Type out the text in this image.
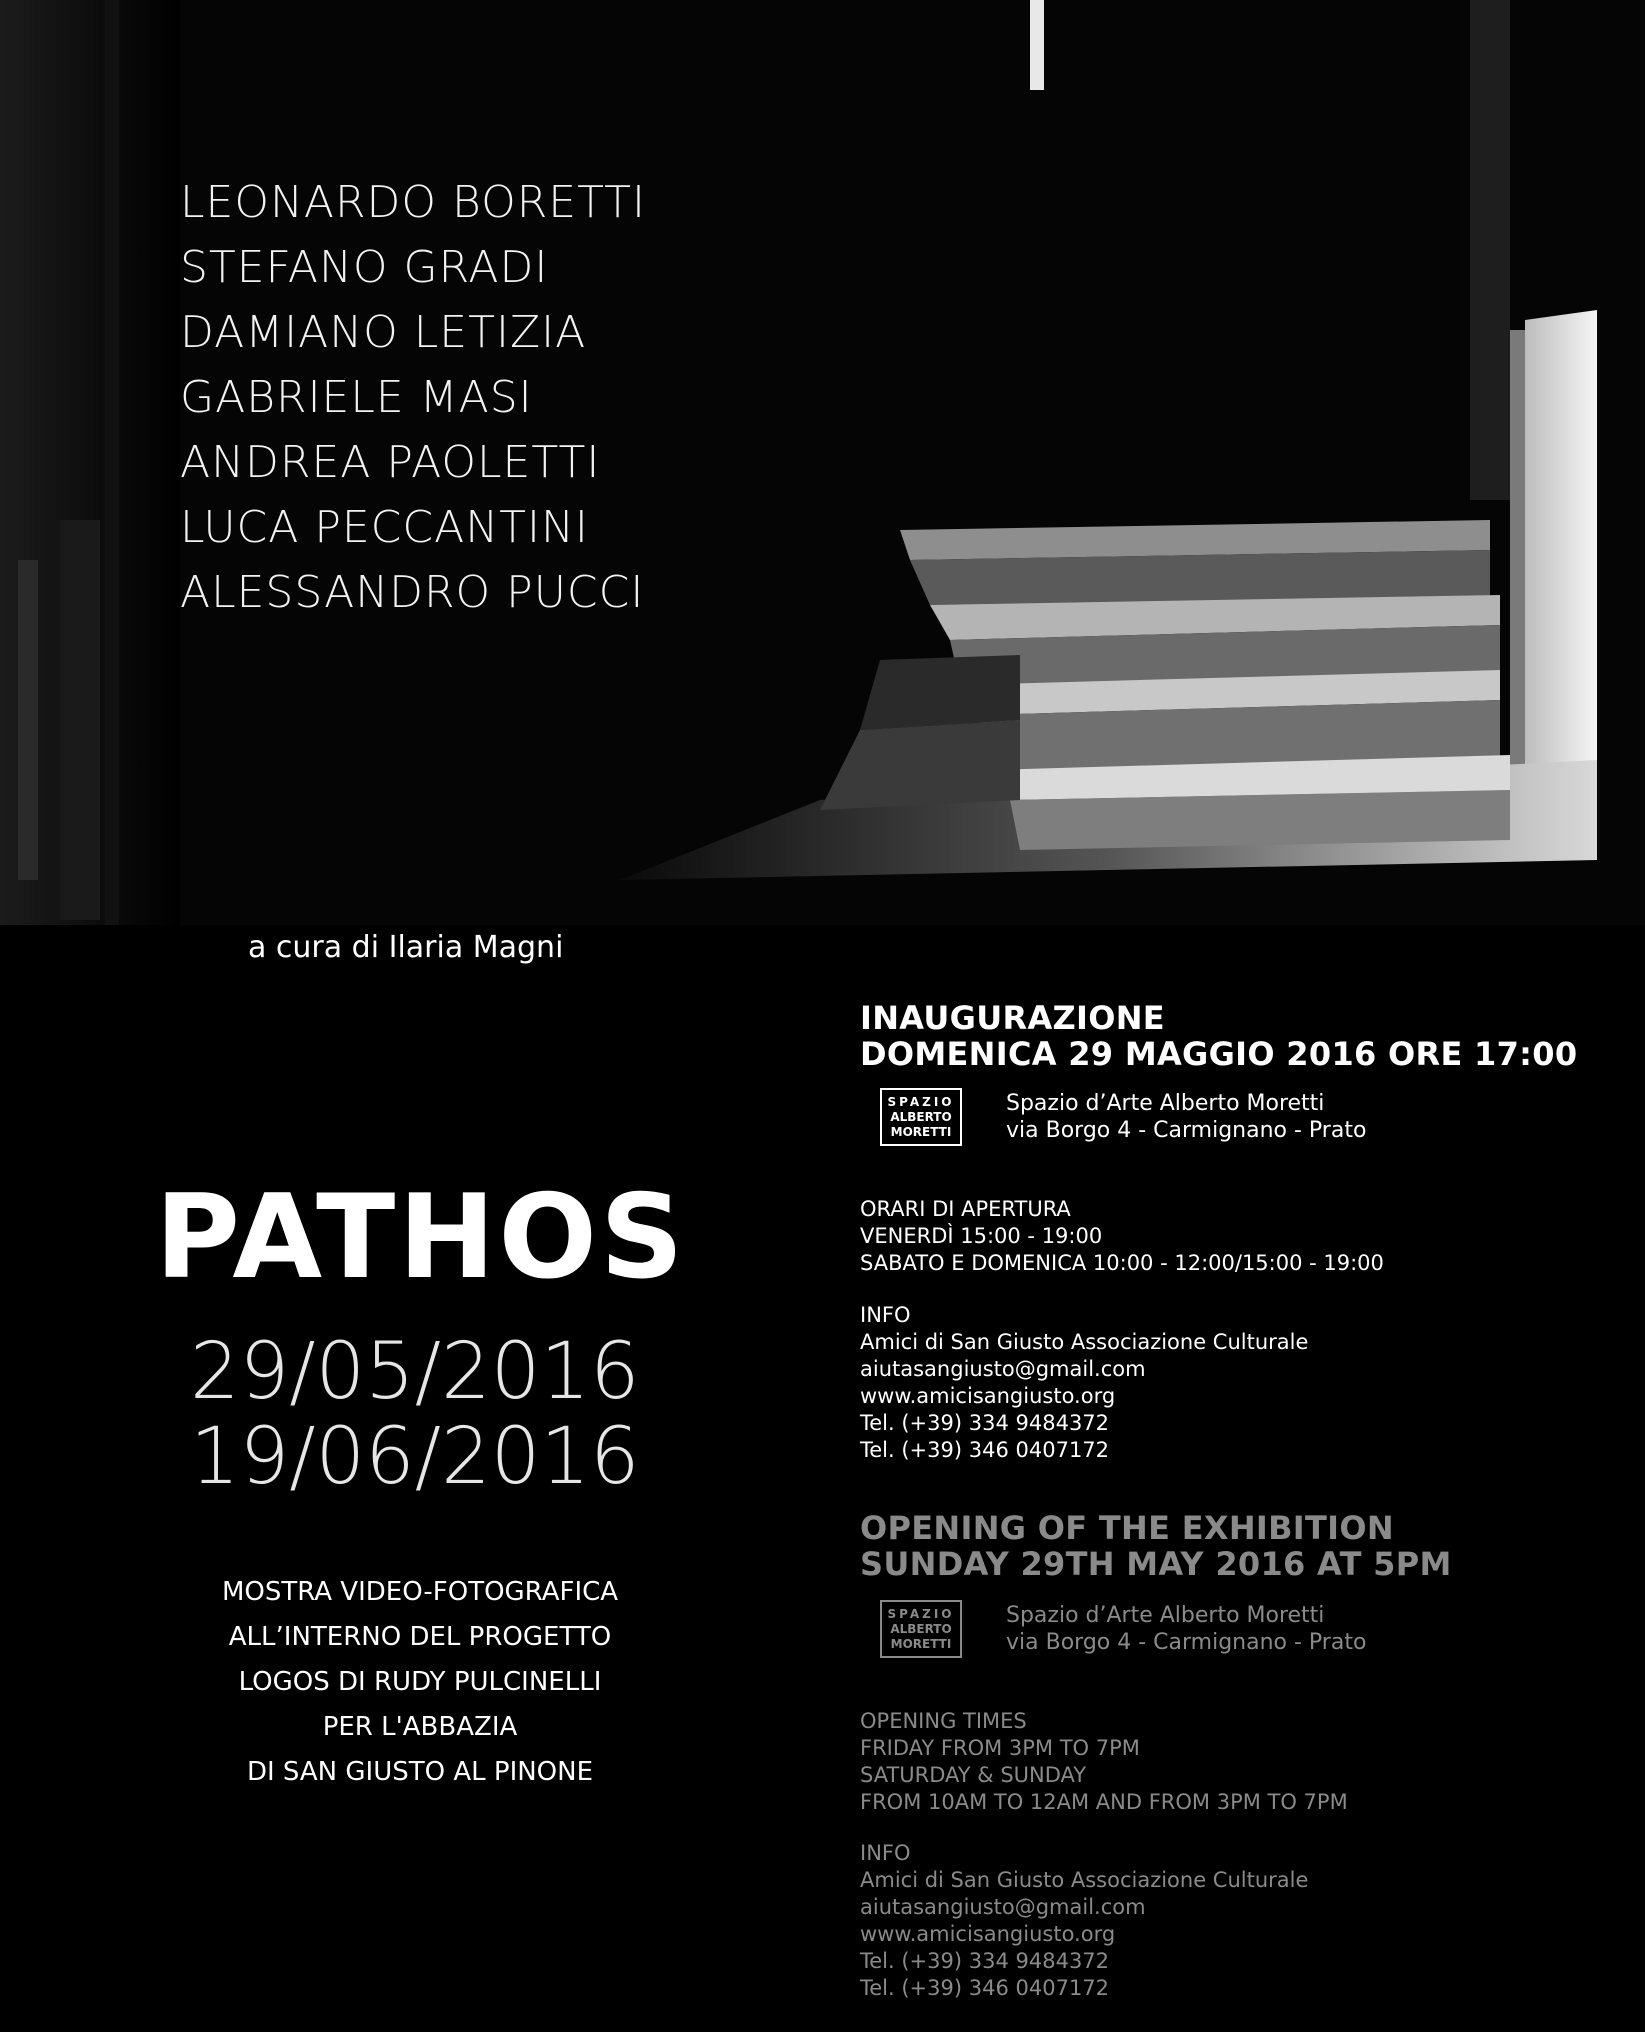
LEONARDO BORETTI
STEFANO GRADI
DAMIANO LETIZIA
GABRIELE MASI
ANDREA PAOLETTI
LUCA PECCANTINI
ALESSANDRO PUCCI
a cura di Ilaria Magni
PATHOS
29/05/2016
19/06/2016
MOSTRA VIDEO-FOTOGRAFICA
ALL’INTERNO DEL PROGETTO
LOGOS DI RUDY PULCINELLI
PER L'ABBAZIA
DI SAN GIUSTO AL PINONE
INAUGURAZIONE
DOMENICA 29 MAGGIO 2016 ORE 17:00
SPAZIO
ALBERTO
MORETTI
Spazio d’Arte Alberto Moretti
via Borgo 4 - Carmignano - Prato
ORARI DI APERTURA
VENERDÌ 15:00 - 19:00
SABATO E DOMENICA 10:00 - 12:00/15:00 - 19:00
INFO
Amici di San Giusto Associazione Culturale
aiutasangiusto@gmail.com
www.amicisangiusto.org
Tel. (+39) 334 9484372
Tel. (+39) 346 0407172
OPENING OF THE EXHIBITION
SUNDAY 29TH MAY 2016 AT 5PM
SPAZIO
ALBERTO
MORETTI
Spazio d’Arte Alberto Moretti
via Borgo 4 - Carmignano - Prato
OPENING TIMES
FRIDAY FROM 3PM TO 7PM
SATURDAY & SUNDAY
FROM 10AM TO 12AM AND FROM 3PM TO 7PM
INFO
Amici di San Giusto Associazione Culturale
aiutasangiusto@gmail.com
www.amicisangiusto.org
Tel. (+39) 334 9484372
Tel. (+39) 346 0407172
